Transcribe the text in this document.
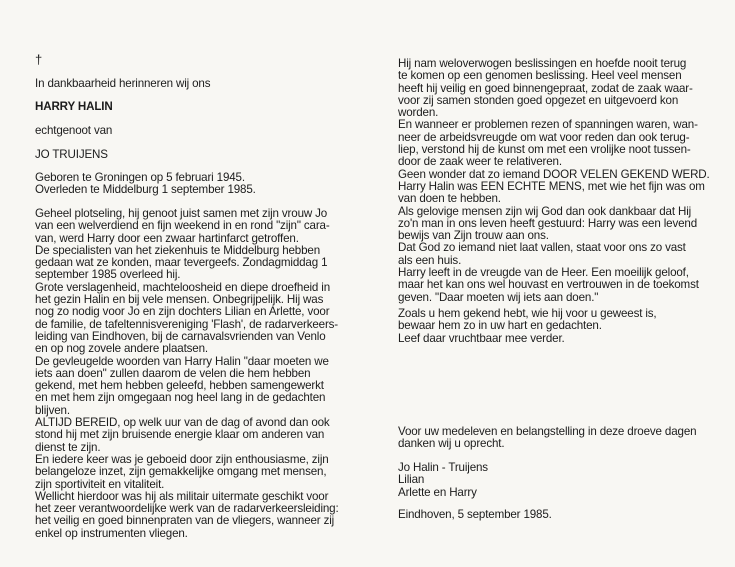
†
In dankbaarheid herinneren wij ons
HARRY HALIN
echtgenoot van
JO TRUIJENS
Geboren te Groningen op 5 februari 1945.
Overleden te Middelburg 1 september 1985.
Geheel plotseling, hij genoot juist samen met zijn vrouw Jo
van een welverdiend en fijn weekend in en rond "zijn" cara-
van, werd Harry door een zwaar hartinfarct getroffen.
De specialisten van het ziekenhuis te Middelburg hebben
gedaan wat ze konden, maar tevergeefs. Zondagmiddag 1
september 1985 overleed hij.
Grote verslagenheid, machteloosheid en diepe droefheid in
het gezin Halin en bij vele mensen. Onbegrijpelijk. Hij was
nog zo nodig voor Jo en zijn dochters Lilian en Arlette, voor
de familie, de tafeltennisvereniging 'Flash', de radarverkeers-
leiding van Eindhoven, bij de carnavalsvrienden van Venlo
en op nog zovele andere plaatsen.
De gevleugelde woorden van Harry Halin "daar moeten we
iets aan doen" zullen daarom de velen die hem hebben
gekend, met hem hebben geleefd, hebben samengewerkt
en met hem zijn omgegaan nog heel lang in de gedachten
blijven.
ALTIJD BEREID, op welk uur van de dag of avond dan ook
stond hij met zijn bruisende energie klaar om anderen van
dienst te zijn.
En iedere keer was je geboeid door zijn enthousiasme, zijn
belangeloze inzet, zijn gemakkelijke omgang met mensen,
zijn sportiviteit en vitaliteit.
Wellicht hierdoor was hij als militair uitermate geschikt voor
het zeer verantwoordelijke werk van de radarverkeersleiding:
het veilig en goed binnenpraten van de vliegers, wanneer zij
enkel op instrumenten vliegen.
Hij nam weloverwogen beslissingen en hoefde nooit terug
te komen op een genomen beslissing. Heel veel mensen
heeft hij veilig en goed binnengepraat, zodat de zaak waar-
voor zij samen stonden goed opgezet en uitgevoerd kon
worden.
En wanneer er problemen rezen of spanningen waren, wan-
neer de arbeidsvreugde om wat voor reden dan ook terug-
liep, verstond hij de kunst om met een vrolijke noot tussen-
door de zaak weer te relativeren.
Geen wonder dat zo iemand DOOR VELEN GEKEND WERD.
Harry Halin was EEN ECHTE MENS, met wie het fijn was om
van doen te hebben.
Als gelovige mensen zijn wij God dan ook dankbaar dat Hij
zo'n man in ons leven heeft gestuurd: Harry was een levend
bewijs van Zijn trouw aan ons.
Dat God zo iemand niet laat vallen, staat voor ons zo vast
als een huis.
Harry leeft in de vreugde van de Heer. Een moeilijk geloof,
maar het kan ons wel houvast en vertrouwen in de toekomst
geven. "Daar moeten wij iets aan doen."
Zoals u hem gekend hebt, wie hij voor u geweest is,
bewaar hem zo in uw hart en gedachten.
Leef daar vruchtbaar mee verder.
Voor uw medeleven en belangstelling in deze droeve dagen
danken wij u oprecht.
Jo Halin - Truijens
Lilian
Arlette en Harry
Eindhoven, 5 september 1985.
